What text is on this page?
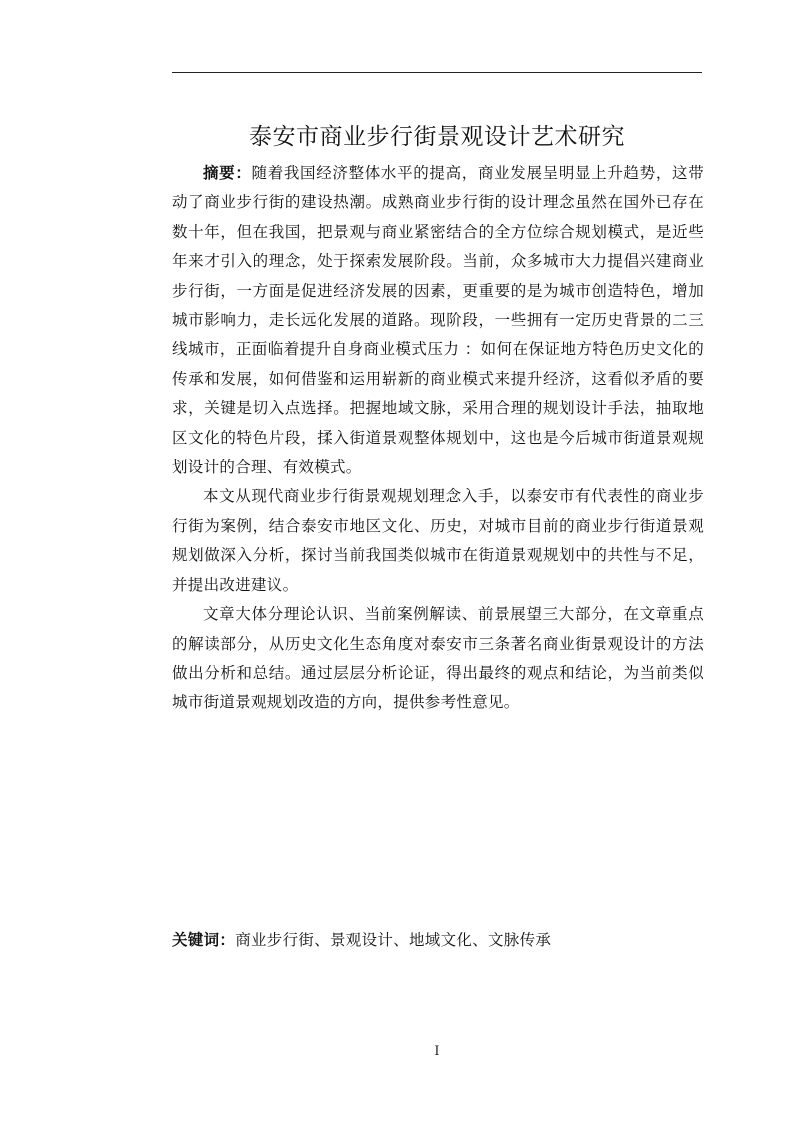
泰安市商业步行街景观设计艺术研究

摘要：随着我国经济整体水平的提高，商业发展呈明显上升趋势，这带动了商业步行街的建设热潮。成熟商业步行街的设计理念虽然在国外已存在数十年，但在我国，把景观与商业紧密结合的全方位综合规划模式，是近些年来才引入的理念，处于探索发展阶段。当前，众多城市大力提倡兴建商业步行街，一方面是促进经济发展的因素，更重要的是为城市创造特色，增加城市影响力，走长远化发展的道路。现阶段，一些拥有一定历史背景的二三线城市，正面临着提升自身商业模式压力 ：如何在保证地方特色历史文化的传承和发展，如何借鉴和运用崭新的商业模式来提升经济，这看似矛盾的要求，关键是切入点选择。把握地域文脉，采用合理的规划设计手法，抽取地区文化的特色片段，揉入街道景观整体规划中，这也是今后城市街道景观规划设计的合理、有效模式。

本文从现代商业步行街景观规划理念入手，以泰安市有代表性的商业步行街为案例，结合泰安市地区文化、历史，对城市目前的商业步行街道景观规划做深入分析，探讨当前我国类似城市在街道景观规划中的共性与不足，并提出改进建议。

文章大体分理论认识、当前案例解读、前景展望三大部分，在文章重点的解读部分，从历史文化生态角度对泰安市三条著名商业街景观设计的方法做出分析和总结。通过层层分析论证，得出最终的观点和结论，为当前类似城市街道景观规划改造的方向，提供参考性意见。

关键词：商业步行街、景观设计、地域文化、文脉传承
I
